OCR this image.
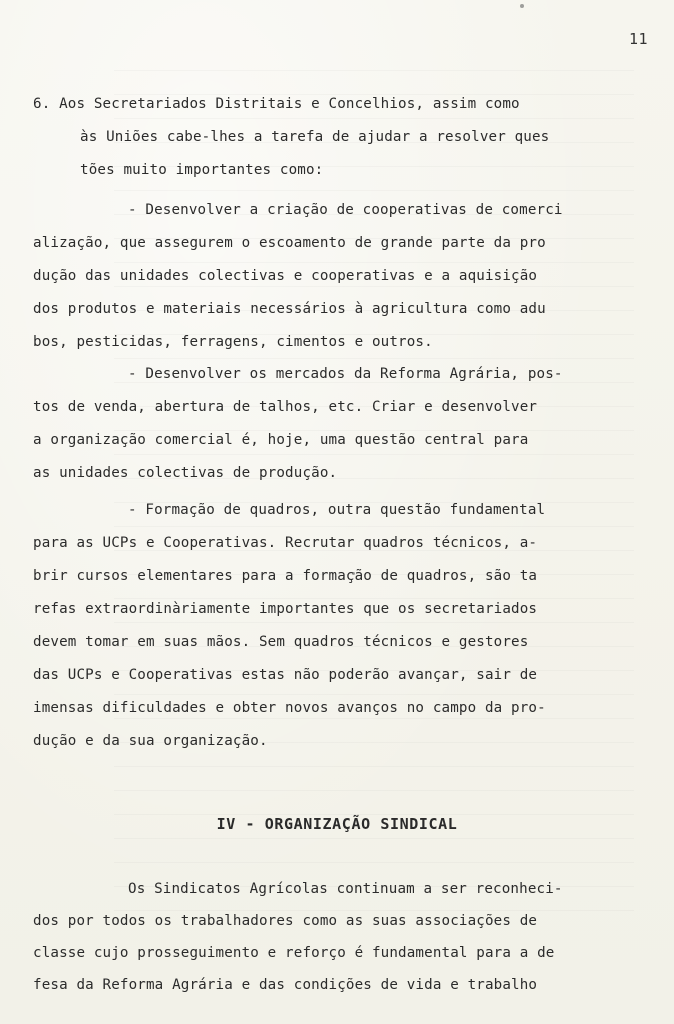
11
6. Aos Secretariados Distritais e Concelhios, assim como
às Uniões cabe-lhes a tarefa de ajudar a resolver ques
tões muito importantes como:
- Desenvolver a criação de cooperativas de comerci
alização, que assegurem o escoamento de grande parte da pro
dução das unidades colectivas e cooperativas e a aquisição
dos produtos e materiais necessários à agricultura como adu
bos, pesticidas, ferragens, cimentos e outros.
- Desenvolver os mercados da Reforma Agrária, pos-
tos de venda, abertura de talhos, etc. Criar e desenvolver
a organização comercial é, hoje, uma questão central para
as unidades colectivas de produção.
- Formação de quadros, outra questão fundamental
para as UCPs e Cooperativas. Recrutar quadros técnicos, a-
brir cursos elementares para a formação de quadros, são ta
refas extraordinàriamente importantes que os secretariados
devem tomar em suas mãos. Sem quadros técnicos e gestores
das UCPs e Cooperativas estas não poderão avançar, sair de
imensas dificuldades e obter novos avanços no campo da pro-
dução e da sua organização.
IV - ORGANIZAÇÃO SINDICAL
Os Sindicatos Agrícolas continuam a ser reconheci-
dos por todos os trabalhadores como as suas associações de
classe cujo prosseguimento e reforço é fundamental para a de
fesa da Reforma Agrária e das condições de vida e trabalho
